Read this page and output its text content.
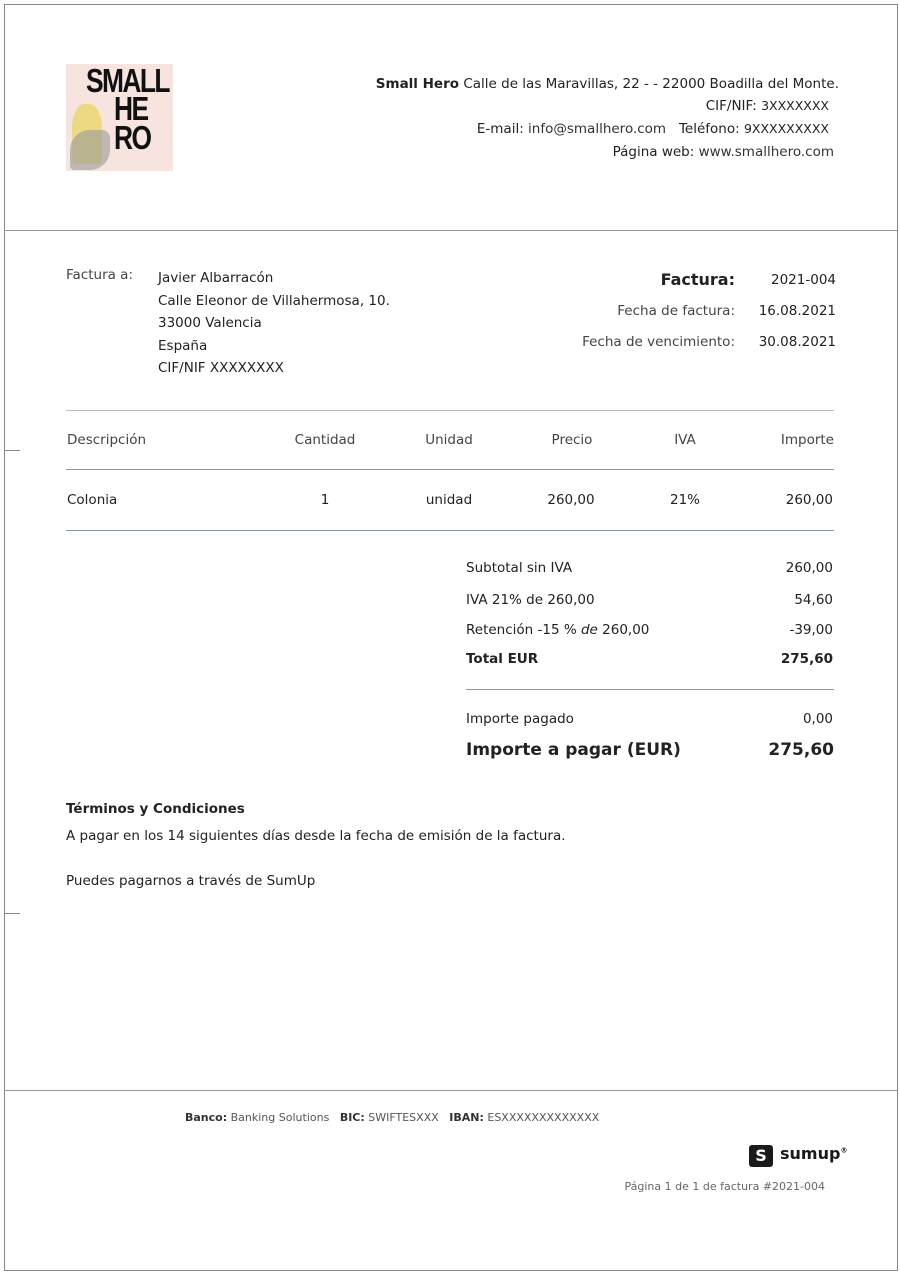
SMALL
HE
RO
Small Hero Calle de las Maravillas, 22 - - 22000 Boadilla del Monte.
CIF/NIF: 3XXXXXXX
E-mail: info@smallhero.com Teléfono: 9XXXXXXXXX
Página web: www.smallhero.com
Factura a: Javier Albarracón
Calle Eleonor de Villahermosa, 10.
33000 Valencia
España
CIF/NIF XXXXXXXX
Factura:	2021-004
Fecha de factura: 16.08.2021
Fecha de vencimiento: 30.08.2021
Descripción	Cantidad	Unidad	Precio	IVA	Importe
Colonia	1	unidad	260,00	21%	260,00
Subtotal sin IVA	260,00
IVA 21% de 260,00	54,60
Retención -15 % de 260,00	-39,00
Total EUR	275,60
Importe pagado	0,00
Importe a pagar (EUR)	275,60
Términos y Condiciones
A pagar en los 14 siguientes días desde la fecha de emisión de la factura.
Puedes pagarnos a través de SumUp
Banco: Banking Solutions BIC: SWIFTESXXX IBAN: ESXXXXXXXXXXXXX
S sumup®
Página 1 de 1 de factura #2021-004
